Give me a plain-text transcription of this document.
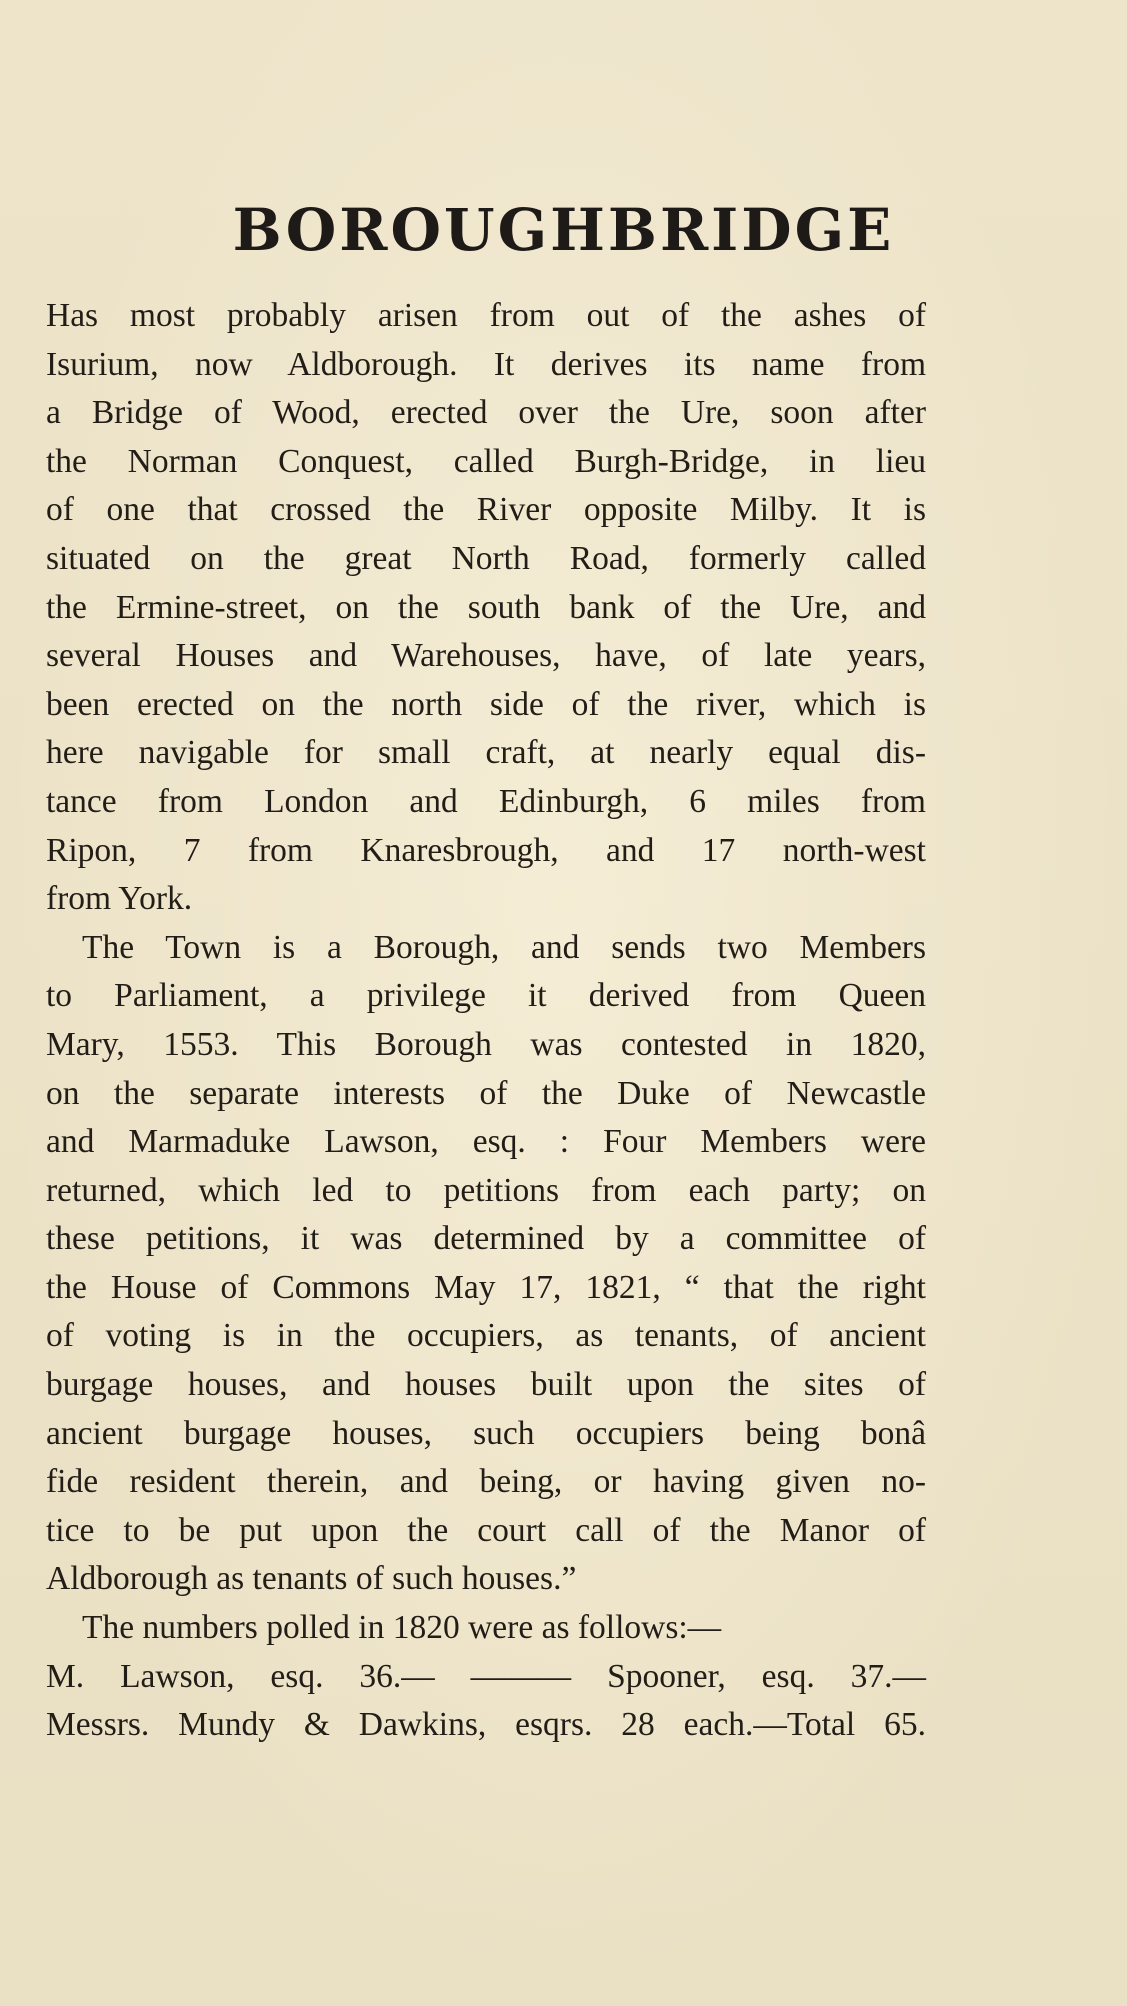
BOROUGHBRIDGE
Has most probably arisen from out of the ashes of
Isurium, now Aldborough. It derives its name from
a Bridge of Wood, erected over the Ure, soon after
the Norman Conquest, called Burgh-Bridge, in lieu
of one that crossed the River opposite Milby. It is
situated on the great North Road, formerly called
the Ermine-street, on the south bank of the Ure, and
several Houses and Warehouses, have, of late years,
been erected on the north side of the river, which is
here navigable for small craft, at nearly equal dis-
tance from London and Edinburgh, 6 miles from
Ripon, 7 from Knaresbrough, and 17 north-west
from York.
The Town is a Borough, and sends two Members
to Parliament, a privilege it derived from Queen
Mary, 1553. This Borough was contested in 1820,
on the separate interests of the Duke of Newcastle
and Marmaduke Lawson, esq. : Four Members were
returned, which led to petitions from each party; on
these petitions, it was determined by a committee of
the House of Commons May 17, 1821, “ that the right
of voting is in the occupiers, as tenants, of ancient
burgage houses, and houses built upon the sites of
ancient burgage houses, such occupiers being bonâ
fide resident therein, and being, or having given no-
tice to be put upon the court call of the Manor of
Aldborough as tenants of such houses.”
The numbers polled in 1820 were as follows:—
M. Lawson, esq. 36.— ——— Spooner, esq. 37.—
Messrs. Mundy & Dawkins, esqrs. 28 each.—Total 65.
